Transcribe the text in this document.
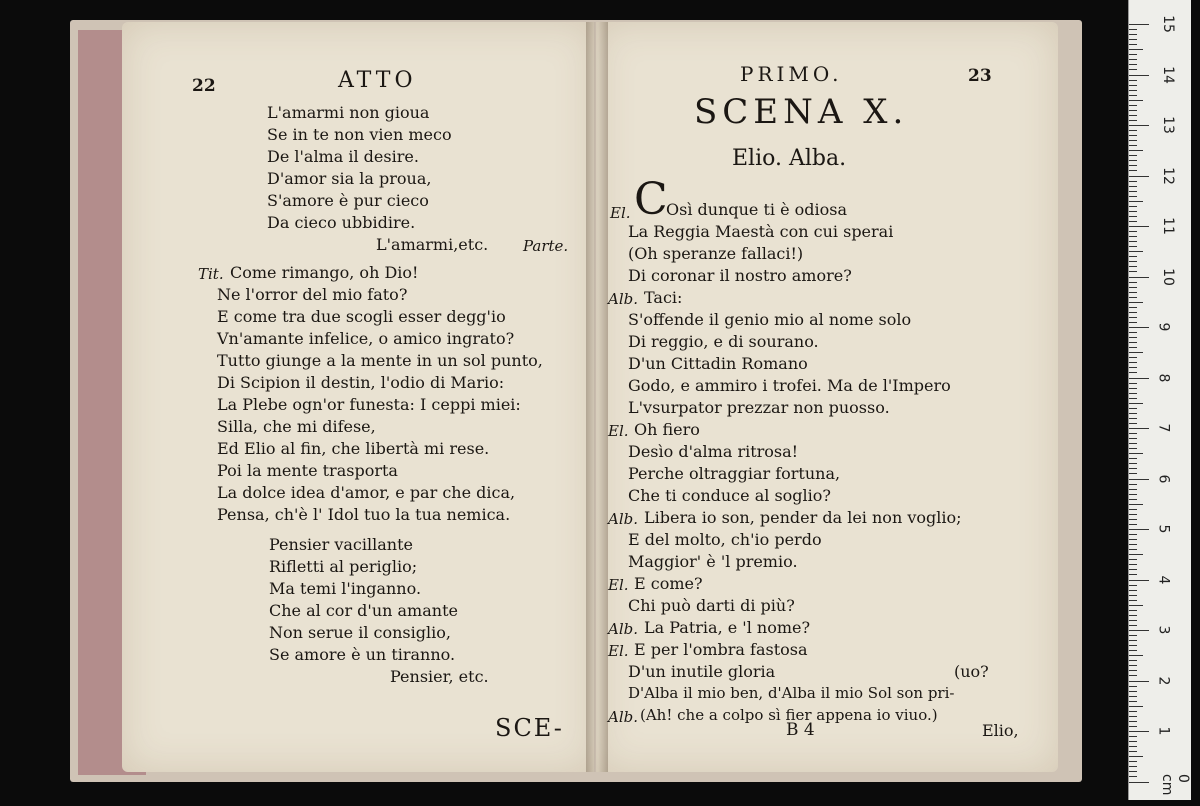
22	ATTO
L'amarmi non gioua
Se in te non vien meco
De l'alma il desire.
D'amor sia la proua,
S'amore è pur cieco
Da cieco ubbidire.
L'amarmi,etc. Parte.
Tit. Come rimango, oh Dio!
Ne l'orror del mio fato?
E come tra due scogli esser degg'io
Vn'amante infelice, o amico ingrato?
Tutto giunge a la mente in un sol punto,
Di Scipion il destin, l'odio di Mario:
La Plebe ogn'or funesta: I ceppi miei:
Silla, che mi difese,
Ed Elio al fin, che libertà mi rese.
Poi la mente trasporta
La dolce idea d'amor, e par che dica,
Pensa, ch'è l' Idol tuo la tua nemica.
Pensier vacillante
Rifletti al periglio;
Ma temi l'inganno.
Che al cor d'un amante
Non serue il consiglio,
Se amore è un tiranno.
Pensier, etc.
SCE-
PRIMO.	23
SCENA X.
Elio. Alba.
El. C
Osì dunque ti è odiosa
La Reggia Maestà con cui sperai
(Oh speranze fallaci!)
Di coronar il nostro amore?
Alb. Taci:
S'offende il genio mio al nome solo
Di reggio, e di sourano.
D'un Cittadin Romano
Godo, e ammiro i trofei. Ma de l'Impero
L'vsurpator prezzar non puosso.
El. Oh fiero
Desìo d'alma ritrosa!
Perche oltraggiar fortuna,
Che ti conduce al soglio?
Alb. Libera io son, pender da lei non voglio;
E del molto, ch'io perdo
Maggior' è 'l premio.
El. E come?
Chi può darti di più?
Alb. La Patria, e 'l nome?
El. E per l'ombra fastosa
D'un inutile gloria	(uo?
D'Alba il mio ben, d'Alba il mio Sol son pri-
Alb. (Ah! che a colpo sì fier appena io viuo.)
B 4	Elio,
15
14
13
12
11
10
9
8
7
6
5
4
3
2
1
0 cm
